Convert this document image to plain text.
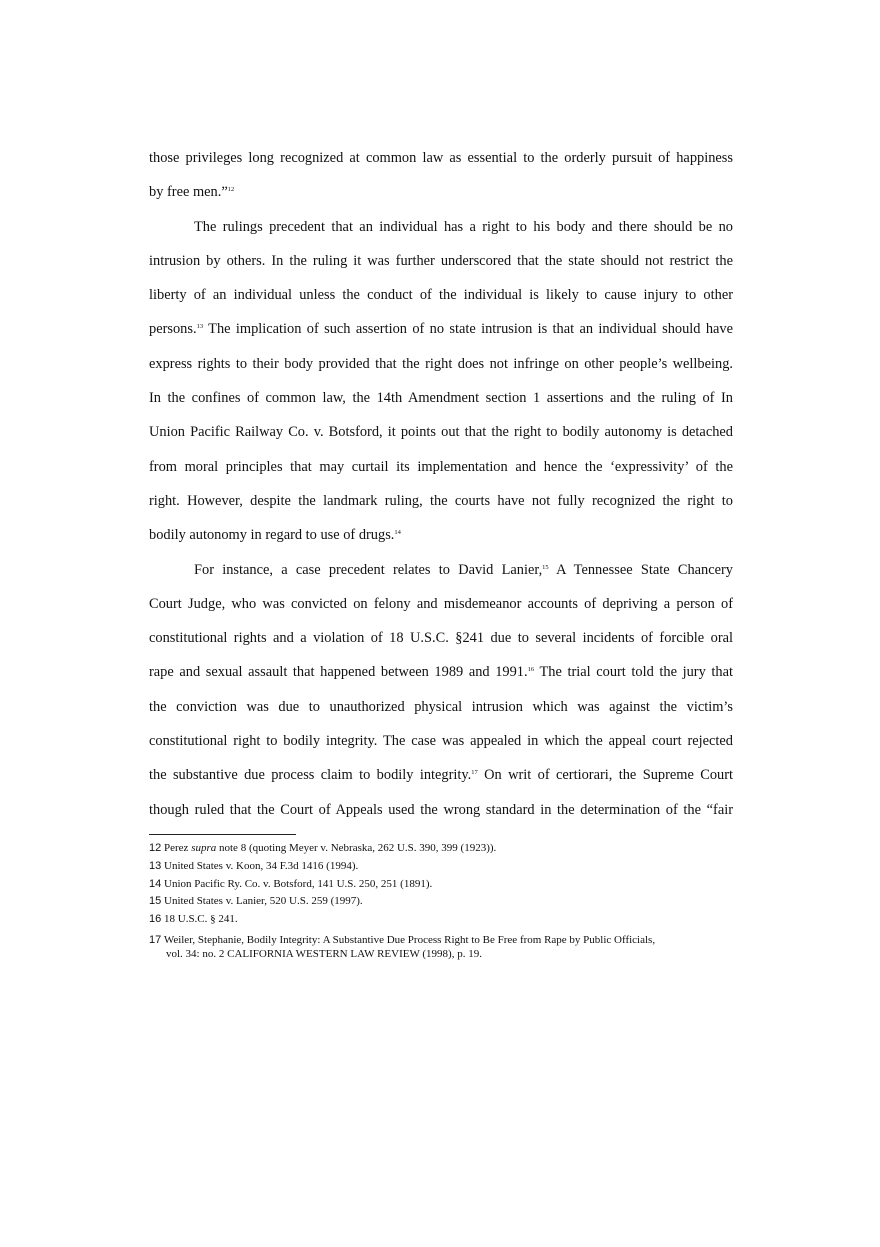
those privileges long recognized at common law as essential to the orderly pursuit of happiness
by free men.”$^{12}$
The rulings precedent that an individual has a right to his body and there should be no
intrusion by others. In the ruling it was further underscored that the state should not restrict the
liberty of an individual unless the conduct of the individual is likely to cause injury to other
persons.$^{13}$ The implication of such assertion of no state intrusion is that an individual should have
express rights to their body provided that the right does not infringe on other people’s wellbeing.
In the confines of common law, the 14th Amendment section 1 assertions and the ruling of In
Union Pacific Railway Co. v. Botsford, it points out that the right to bodily autonomy is detached
from moral principles that may curtail its implementation and hence the ‘expressivity’ of the
right. However, despite the landmark ruling, the courts have not fully recognized the right to
bodily autonomy in regard to use of drugs.$^{14}$
For instance, a case precedent relates to David Lanier,$^{15}$ A Tennessee State Chancery
Court Judge, who was convicted on felony and misdemeanor accounts of depriving a person of
constitutional rights and a violation of 18 U.S.C. §241 due to several incidents of forcible oral
rape and sexual assault that happened between 1989 and 1991.16 The trial court told the jury that
the conviction was due to unauthorized physical intrusion which was against the victim’s
constitutional right to bodily integrity. The case was appealed in which the appeal court rejected
the substantive due process claim to bodily integrity.$^{17}$ On writ of certiorari, the Supreme Court
though ruled that the Court of Appeals used the wrong standard in the determination of the “fair
12 Perez supra note 8 (quoting Meyer v. Nebraska, 262 U.S. 390, 399 (1923)).
13 United States v. Koon, 34 F.3d 1416 (1994).
14 Union Pacific Ry. Co. v. Botsford, 141 U.S. 250, 251 (1891).
15 United States v. Lanier, 520 U.S. 259 (1997).
16 18 U.S.C. § 241.
17 Weiler, Stephanie, Bodily Integrity: A Substantive Due Process Right to Be Free from Rape by Public Officials,
vol. 34: no. 2 CALIFORNIA WESTERN LAW REVIEW (1998), p. 19.
